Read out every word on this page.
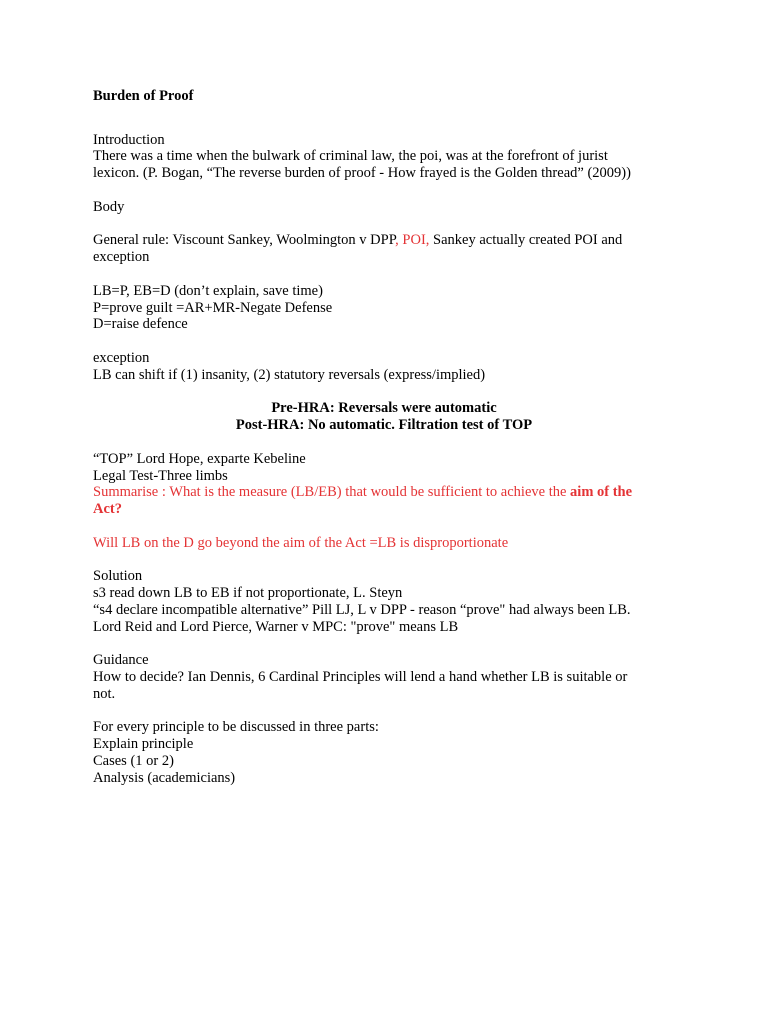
Burden of Proof

Introduction
There was a time when the bulwark of criminal law, the poi, was at the forefront of jurist
lexicon. (P. Bogan, “The reverse burden of proof - How frayed is the Golden thread” (2009))

Body

General rule: Viscount Sankey, Woolmington v DPP, POI, Sankey actually created POI and
exception

LB=P, EB=D (don’t explain, save time)
P=prove guilt =AR+MR-Negate Defense
D=raise defence

exception
LB can shift if (1) insanity, (2) statutory reversals (express/implied)

Pre-HRA: Reversals were automatic
Post-HRA: No automatic. Filtration test of TOP

“TOP” Lord Hope, exparte Kebeline
Legal Test-Three limbs
Summarise : What is the measure (LB/EB) that would be sufficient to achieve the aim of the
Act?

Will LB on the D go beyond the aim of the Act =LB is disproportionate

Solution
s3 read down LB to EB if not proportionate, L. Steyn
“s4 declare incompatible alternative” Pill LJ, L v DPP - reason “prove" had always been LB.
Lord Reid and Lord Pierce, Warner v MPC: "prove" means LB

Guidance
How to decide? Ian Dennis, 6 Cardinal Principles will lend a hand whether LB is suitable or
not.

For every principle to be discussed in three parts:
Explain principle
Cases (1 or 2)
Analysis (academicians)
